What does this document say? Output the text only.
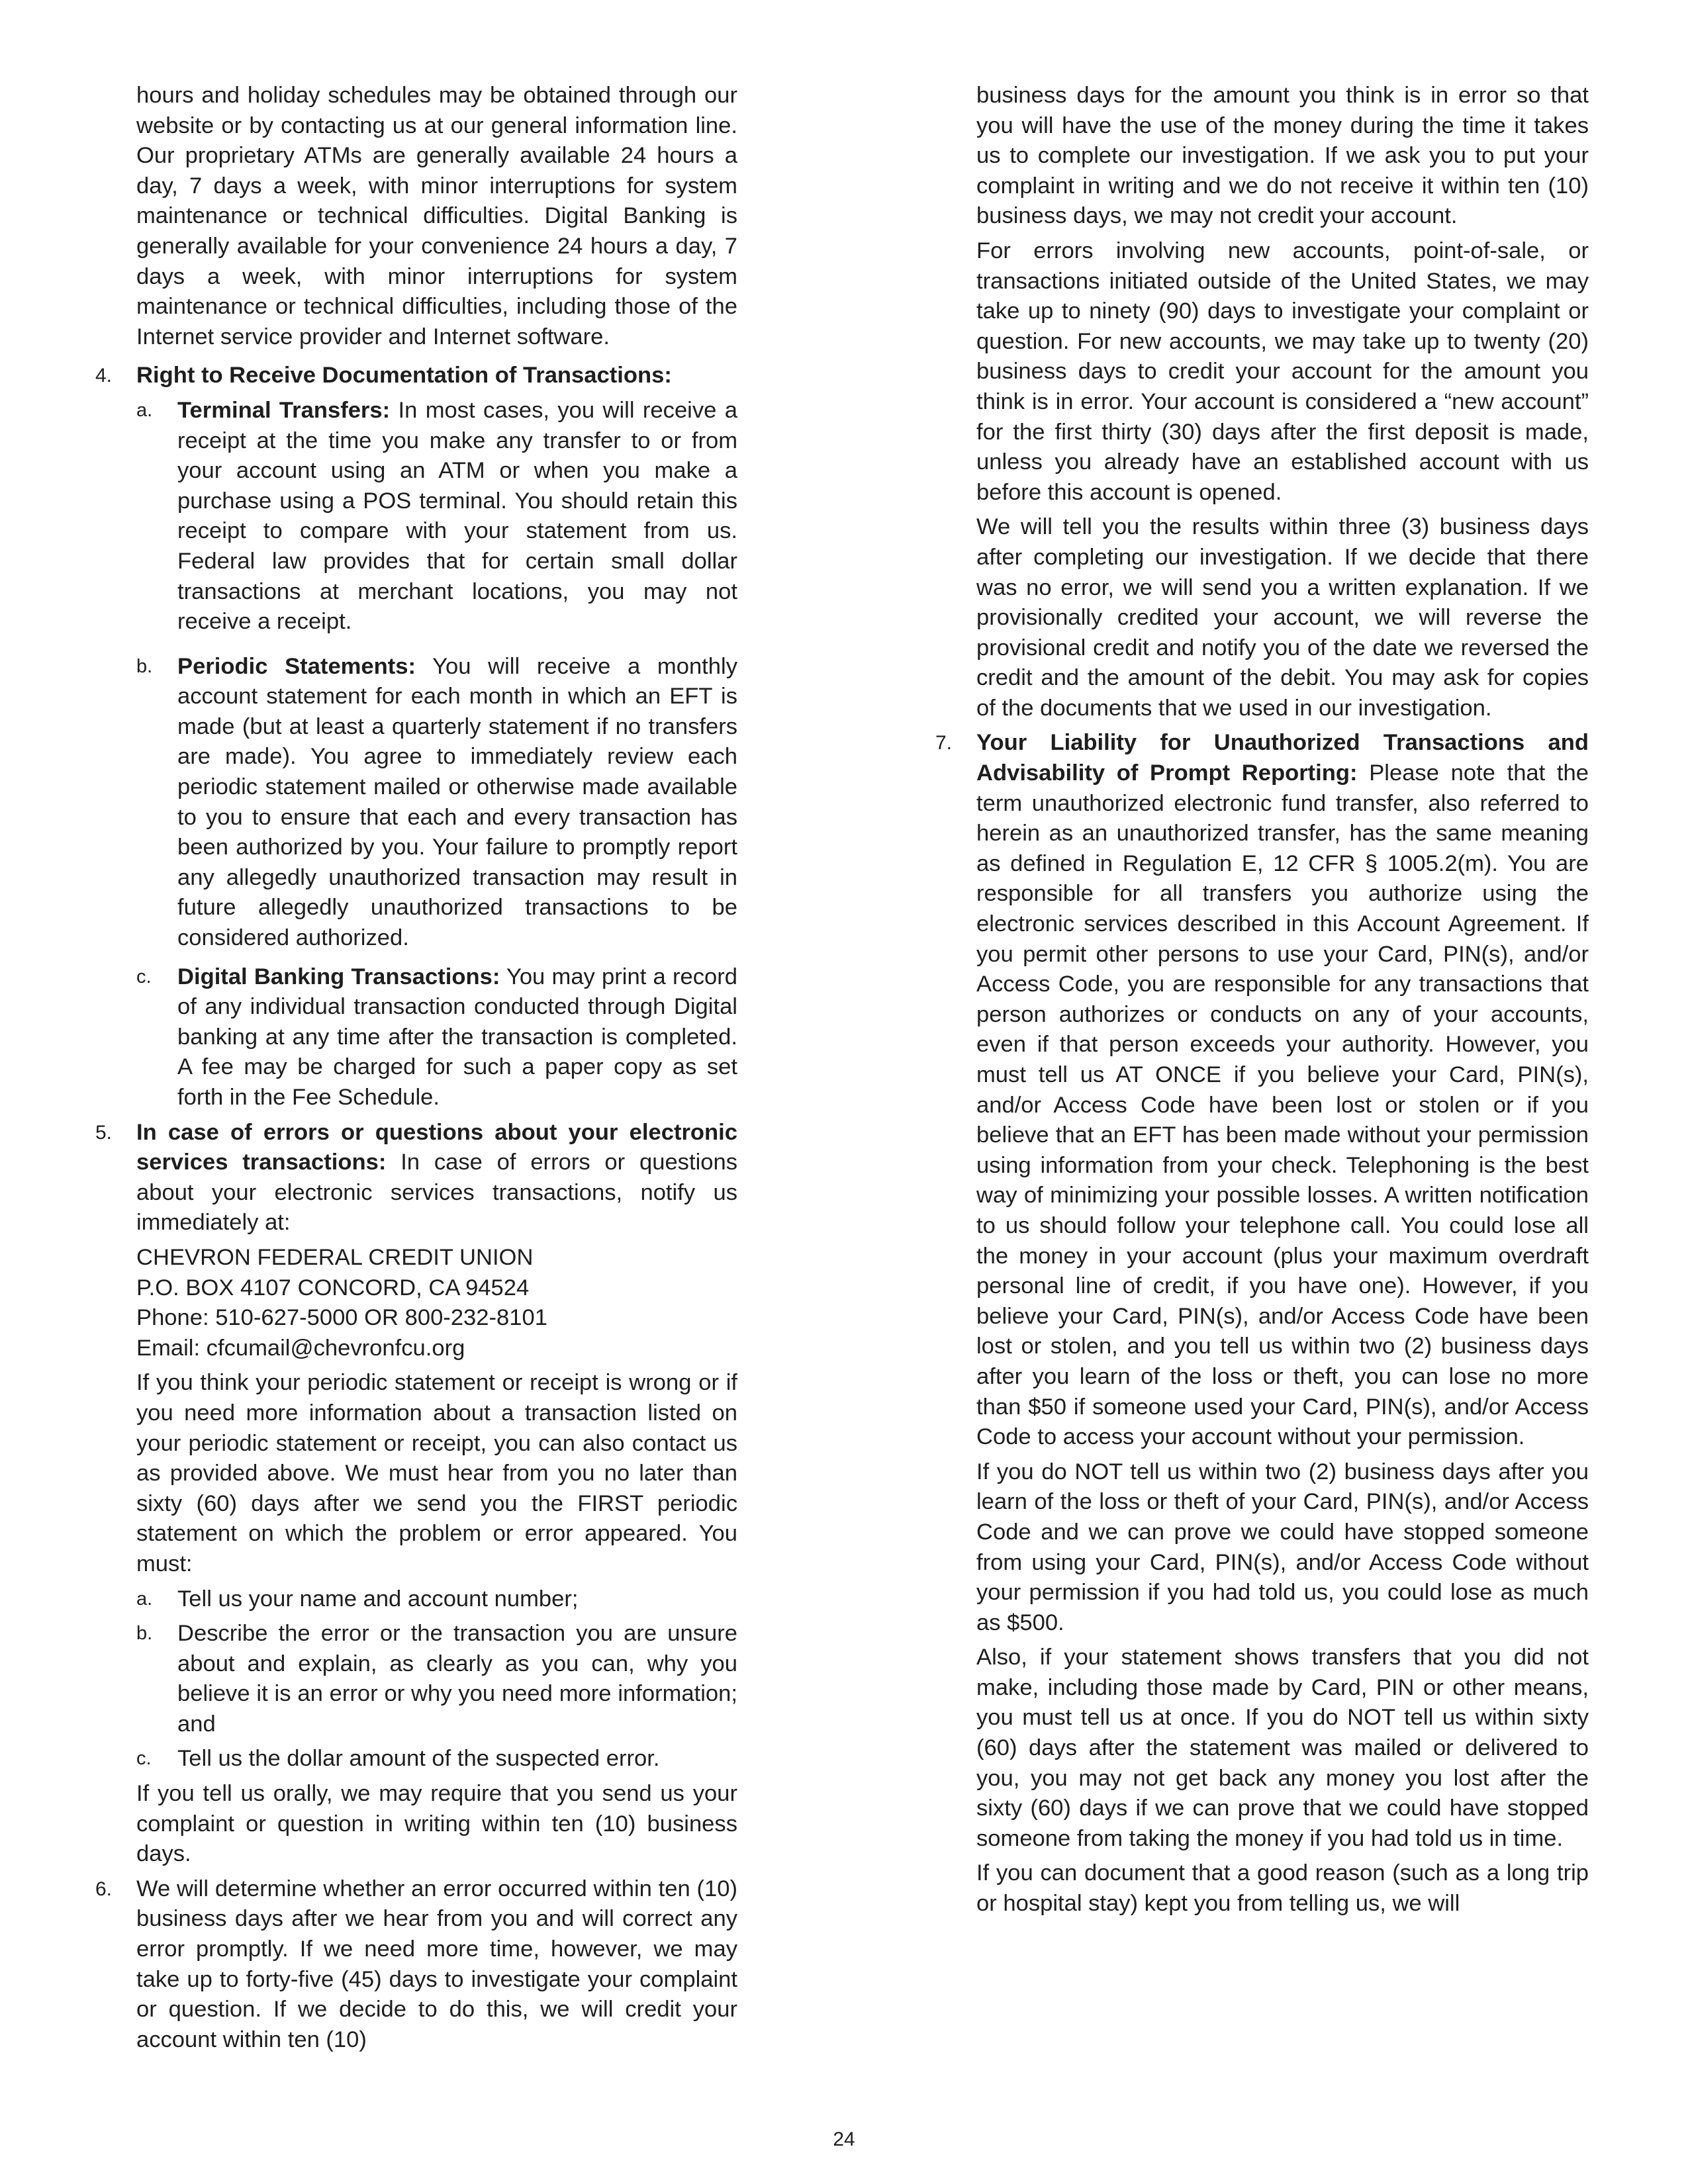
hours and holiday schedules may be obtained through our website or by contacting us at our general information line. Our proprietary ATMs are generally available 24 hours a day, 7 days a week, with minor interruptions for system maintenance or technical difficulties. Digital Banking is generally available for your convenience 24 hours a day, 7 days a week, with minor interruptions for system maintenance or technical difficulties, including those of the Internet service provider and Internet software.

4. Right to Receive Documentation of Transactions:

a. Terminal Transfers: In most cases, you will receive a receipt at the time you make any transfer to or from your account using an ATM or when you make a purchase using a POS terminal. You should retain this receipt to compare with your statement from us. Federal law provides that for certain small dollar transactions at merchant locations, you may not receive a receipt.

b. Periodic Statements: You will receive a monthly account statement for each month in which an EFT is made (but at least a quarterly statement if no transfers are made). You agree to immediately review each periodic statement mailed or otherwise made available to you to ensure that each and every transaction has been authorized by you. Your failure to promptly report any allegedly unauthorized transaction may result in future allegedly unauthorized transactions to be considered authorized.

c. Digital Banking Transactions: You may print a record of any individual transaction conducted through Digital banking at any time after the transaction is completed. A fee may be charged for such a paper copy as set forth in the Fee Schedule.

5. In case of errors or questions about your electronic services transactions: In case of errors or questions about your electronic services transactions, notify us immediately at:

CHEVRON FEDERAL CREDIT UNION

P.O. BOX 4107 CONCORD, CA 94524

Phone: 510-627-5000 OR 800-232-8101

Email: cfcumail@chevronfcu.org

If you think your periodic statement or receipt is wrong or if you need more information about a transaction listed on your periodic statement or receipt, you can also contact us as provided above. We must hear from you no later than sixty (60) days after we send you the FIRST periodic statement on which the problem or error appeared. You must:

a. Tell us your name and account number;

b. Describe the error or the transaction you are unsure about and explain, as clearly as you can, why you believe it is an error or why you need more information; and

c. Tell us the dollar amount of the suspected error.

If you tell us orally, we may require that you send us your complaint or question in writing within ten (10) business days.

6. We will determine whether an error occurred within ten (10) business days after we hear from you and will correct any error promptly. If we need more time, however, we may take up to forty-five (45) days to investigate your complaint or question. If we decide to do this, we will credit your account within ten (10)

business days for the amount you think is in error so that you will have the use of the money during the time it takes us to complete our investigation. If we ask you to put your complaint in writing and we do not receive it within ten (10) business days, we may not credit your account.

For errors involving new accounts, point-of-sale, or transactions initiated outside of the United States, we may take up to ninety (90) days to investigate your complaint or question. For new accounts, we may take up to twenty (20) business days to credit your account for the amount you think is in error. Your account is considered a “new account” for the first thirty (30) days after the first deposit is made, unless you already have an established account with us before this account is opened.

We will tell you the results within three (3) business days after completing our investigation. If we decide that there was no error, we will send you a written explanation. If we provisionally credited your account, we will reverse the provisional credit and notify you of the date we reversed the credit and the amount of the debit. You may ask for copies of the documents that we used in our investigation.

7. Your Liability for Unauthorized Transactions and Advisability of Prompt Reporting: Please note that the term unauthorized electronic fund transfer, also referred to herein as an unauthorized transfer, has the same meaning as defined in Regulation E, 12 CFR § 1005.2(m). You are responsible for all transfers you authorize using the electronic services described in this Account Agreement. If you permit other persons to use your Card, PIN(s), and/or Access Code, you are responsible for any transactions that person authorizes or conducts on any of your accounts, even if that person exceeds your authority. However, you must tell us AT ONCE if you believe your Card, PIN(s), and/or Access Code have been lost or stolen or if you believe that an EFT has been made without your permission using information from your check. Telephoning is the best way of minimizing your possible losses. A written notification to us should follow your telephone call. You could lose all the money in your account (plus your maximum overdraft personal line of credit, if you have one). However, if you believe your Card, PIN(s), and/or Access Code have been lost or stolen, and you tell us within two (2) business days after you learn of the loss or theft, you can lose no more than $50 if someone used your Card, PIN(s), and/or Access Code to access your account without your permission.

If you do NOT tell us within two (2) business days after you learn of the loss or theft of your Card, PIN(s), and/or Access Code and we can prove we could have stopped someone from using your Card, PIN(s), and/or Access Code without your permission if you had told us, you could lose as much as $500.

Also, if your statement shows transfers that you did not make, including those made by Card, PIN or other means, you must tell us at once. If you do NOT tell us within sixty (60) days after the statement was mailed or delivered to you, you may not get back any money you lost after the sixty (60) days if we can prove that we could have stopped someone from taking the money if you had told us in time.

If you can document that a good reason (such as a long trip or hospital stay) kept you from telling us, we will

24
